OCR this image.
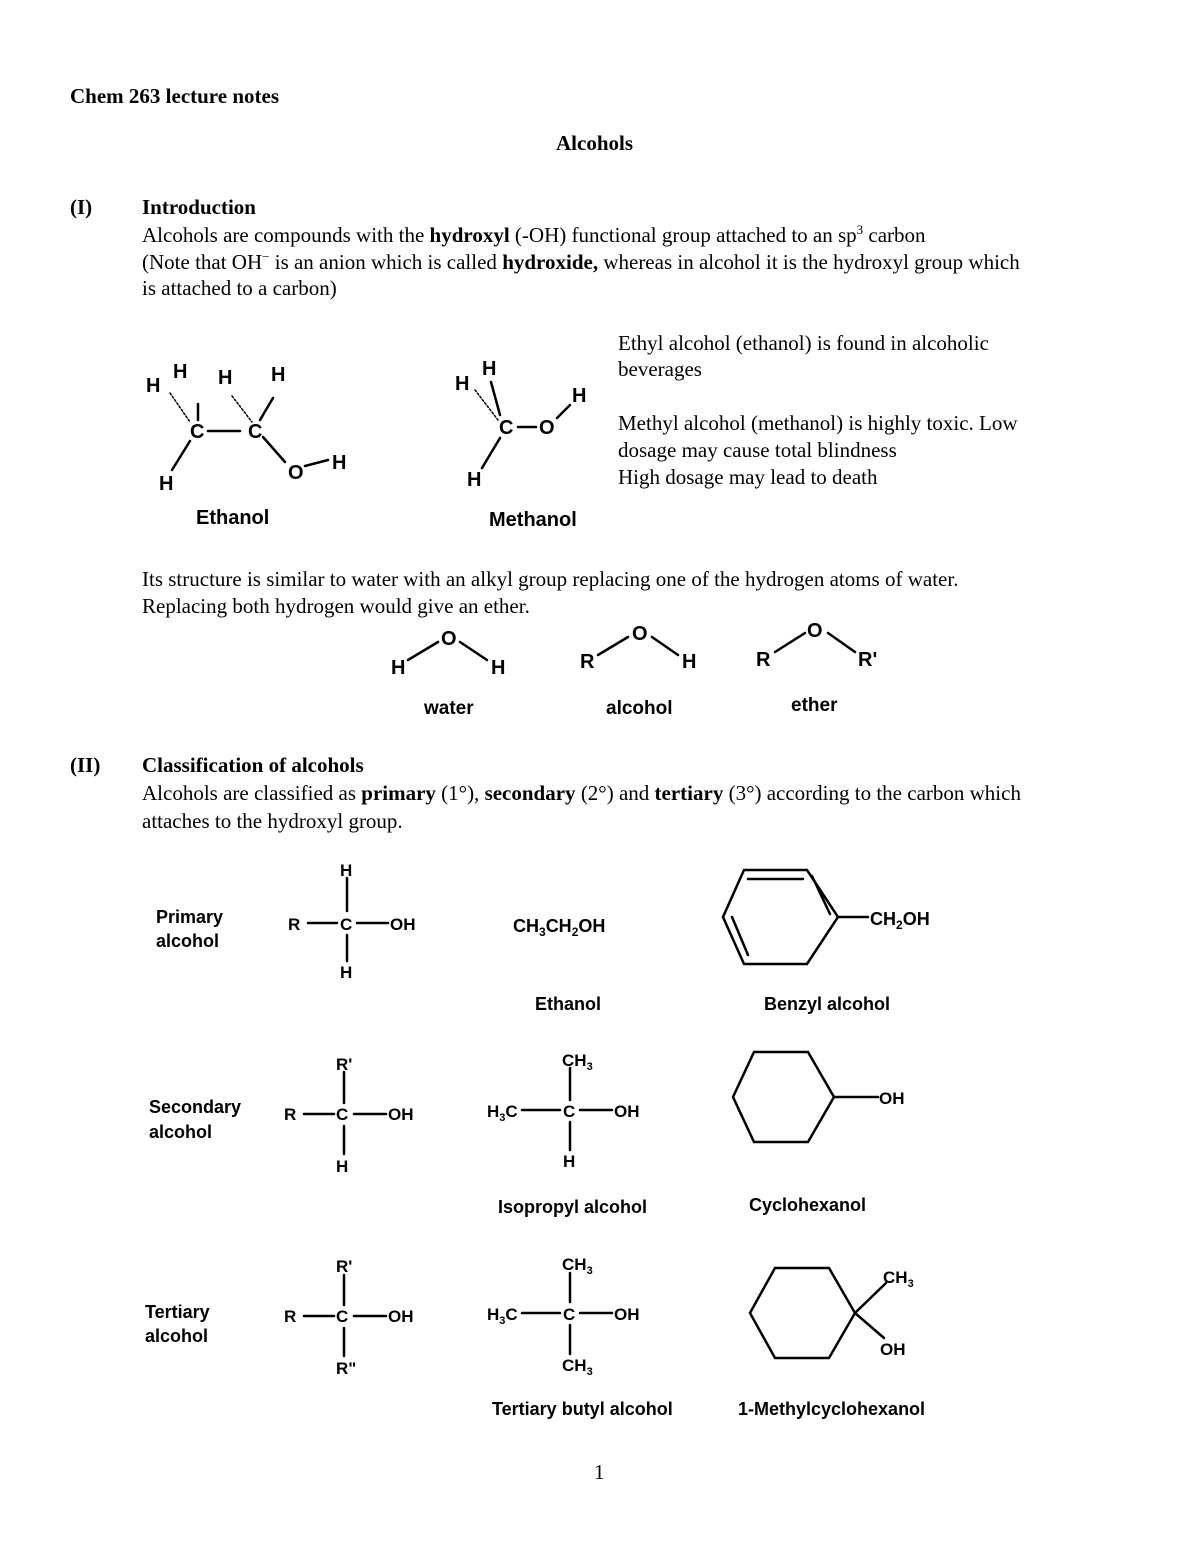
Chem 263 lecture notes
Alcohols
(I) Introduction
Alcohols are compounds with the hydroxyl (-OH) functional group attached to an $sp^3$ carbon
(Note that OH− is an anion which is called hydroxide, whereas in alcohol it is the hydroxyl group which
is attached to a carbon)
Ethyl alcohol (ethanol) is found in alcoholic
beverages
Methyl alcohol (methanol) is highly toxic. Low
dosage may cause total blindness
High dosage may lead to death
Its structure is similar to water with an alkyl group replacing one of the hydrogen atoms of water.
Replacing both hydrogen would give an ether.
(II) Classification of alcohols
Alcohols are classified as primary (1°), secondary (2°) and tertiary (3°) according to the carbon which
attaches to the hydroxyl group.
1
H
H H H
C C
H	O H
H
H
H
C O
H
H
O
H	R
O
H	R
O
R'
H
R C OH
H
$CH_3CH_2OH$	$CH_2OH$
R'
R C OH
H
$CH_3$
$H_3C$	C OH
H
OH
R'
R C OH
R"
$CH_3$
$H_3C$	C OH
$CH_3$
$CH_3$
OH
Ethanol	Methanol
water	alcohol	ether
Primary
alcohol
Secondary
alcohol
Tertiary
alcohol
Ethanol	Benzyl alcohol
Isopropyl alcohol	Cyclohexanol
Tertiary butyl alcohol	1-Methylcyclohexanol
